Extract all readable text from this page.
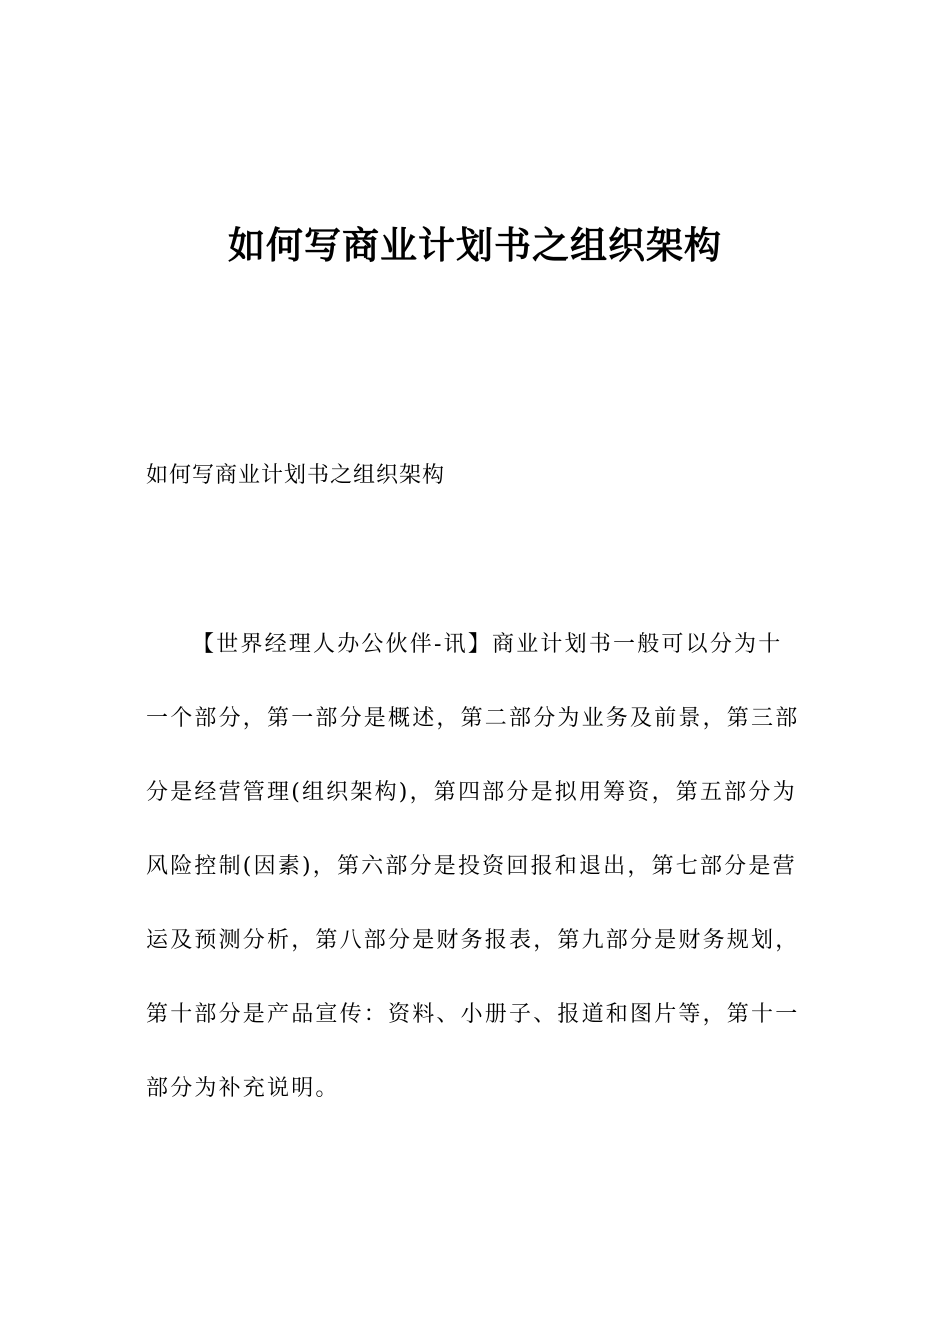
如何写商业计划书之组织架构
如何写商业计划书之组织架构

【世界经理人办公伙伴-讯】商业计划书一般可以分为十一个部分，第一部分是概述，第二部分为业务及前景，第三部分是经营管理(组织架构)，第四部分是拟用筹资，第五部分为风险控制(因素)，第六部分是投资回报和退出，第七部分是营运及预测分析，第八部分是财务报表，第九部分是财务规划，第十部分是产品宣传：资料、小册子、报道和图片等，第十一部分为补充说明。
